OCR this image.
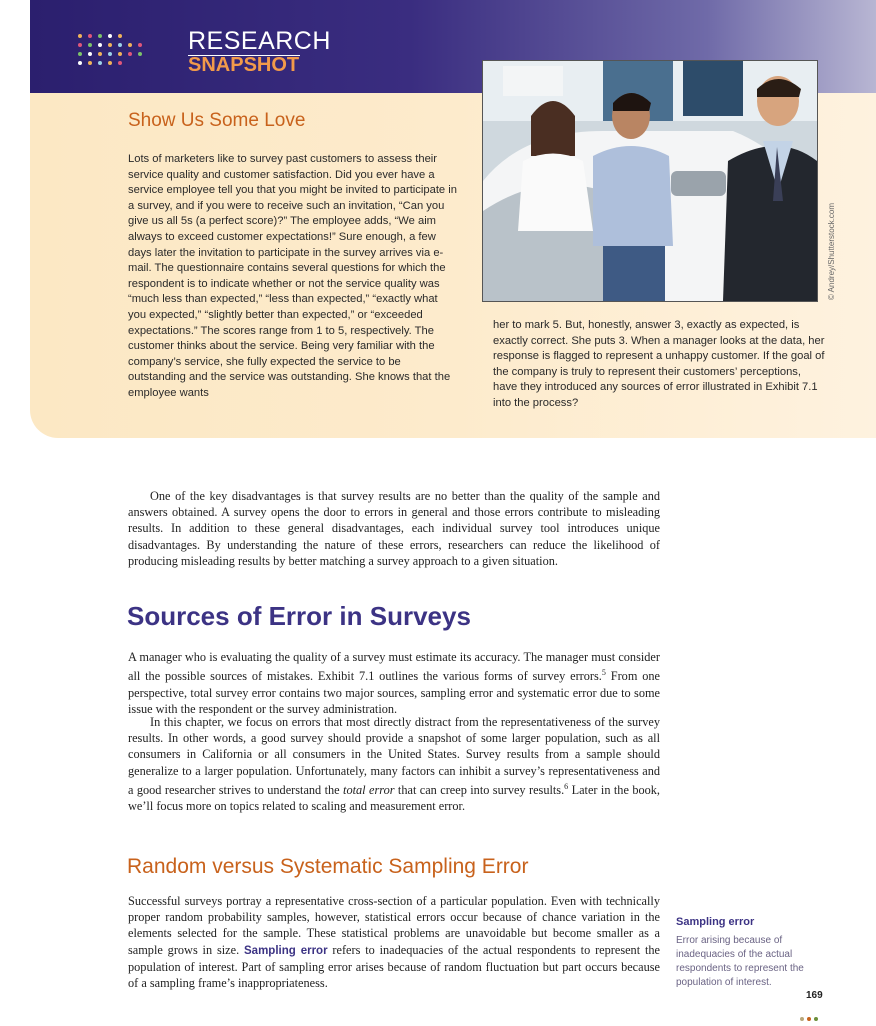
RESEARCH
SNAPSHOT
Show Us Some Love

Lots of marketers like to survey past customers to assess their service quality and customer satisfaction. Did you ever have a service employee tell you that you might be invited to participate in a survey, and if you were to receive such an invitation, “Can you give us all 5s (a perfect score)?” The employee adds, “We aim always to exceed customer expectations!” Sure enough, a few days later the invitation to participate in the survey arrives via e-mail. The questionnaire contains several questions for which the respondent is to indicate whether or not the service quality was “much less than expected,” “less than expected,” “exactly what you expected,” “slightly better than expected,” or “exceeded expectations.” The scores range from 1 to 5, respectively. The customer thinks about the service. Being very familiar with the company’s service, she fully expected the service to be outstanding and the service was outstanding. She knows that the employee wants

her to mark 5. But, honestly, answer 3, exactly as expected, is exactly correct. She puts 3. When a manager looks at the data, her response is flagged to represent a unhappy customer. If the goal of the company is truly to represent their customers’ perceptions, have they introduced any sources of error illustrated in Exhibit 7.1 into the process?

© Andrey/Shutterstock.com

One of the key disadvantages is that survey results are no better than the quality of the sample and answers obtained. A survey opens the door to errors in general and those errors contribute to misleading results. In addition to these general disadvantages, each individual survey tool introduces unique disadvantages. By understanding the nature of these errors, researchers can reduce the likelihood of producing misleading results by better matching a survey approach to a given situation.

Sources of Error in Surveys

A manager who is evaluating the quality of a survey must estimate its accuracy. The manager must consider all the possible sources of mistakes. Exhibit 7.1 outlines the various forms of survey errors.$^5$ From one perspective, total survey error contains two major sources, sampling error and systematic error due to some issue with the respondent or the survey administration.

In this chapter, we focus on errors that most directly distract from the representativeness of the survey results. In other words, a good survey should provide a snapshot of some larger population, such as all consumers in California or all consumers in the United States. Survey results from a sample should generalize to a larger population. Unfortunately, many factors can inhibit a survey’s representativeness and a good researcher strives to understand the total error that can creep into survey results.$^6$ Later in the book, we’ll focus more on topics related to scaling and measurement error.

Random versus Systematic Sampling Error

Successful surveys portray a representative cross-section of a particular population. Even with technically proper random probability samples, however, statistical errors occur because of chance variation in the elements selected for the sample. These statistical problems are unavoidable but become smaller as a sample grows in size. Sampling error refers to inadequacies of the actual respondents to represent the population of interest. Part of sampling error arises because of random fluctuation but part occurs because of a sampling frame’s inappropriateness.

Sampling error

Error arising because of inadequacies of the actual respondents to represent the population of interest.

169
